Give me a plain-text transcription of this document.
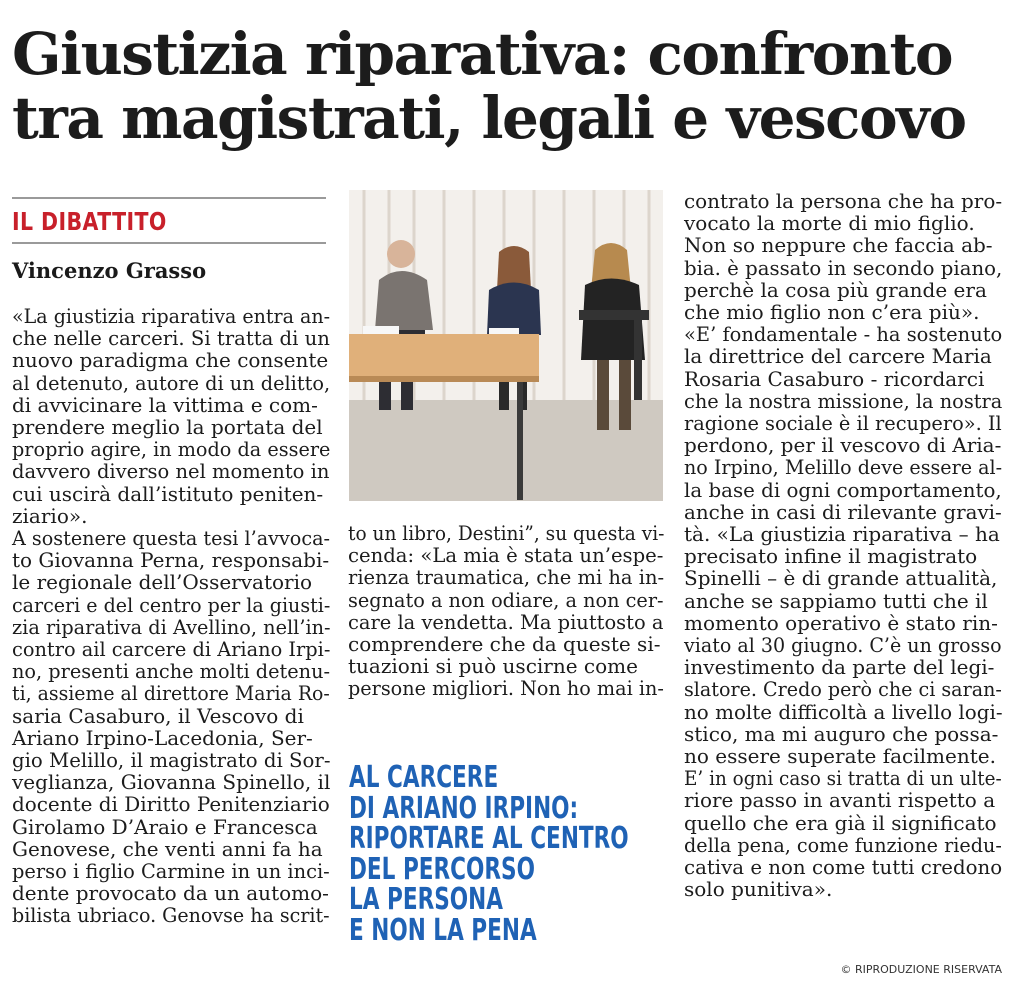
Giustizia riparativa: confronto
tra magistrati, legali e vescovo
IL DIBATTITO
Vincenzo Grasso
«La giustizia riparativa entra an-
che nelle carceri. Si tratta di un
nuovo paradigma che consente
al detenuto, autore di un delitto,
di avvicinare la vittima e com-
prendere meglio la portata del
proprio agire, in modo da essere
davvero diverso nel momento in
cui uscirà dall’istituto peniten-
ziario».
A sostenere questa tesi l’avvoca-
to Giovanna Perna, responsabi-
le regionale dell’Osservatorio
carceri e del centro per la giusti-
zia riparativa di Avellino, nell’in-
contro ail carcere di Ariano Irpi-
no, presenti anche molti detenu-
ti, assieme al direttore Maria Ro-
saria Casaburo, il Vescovo di
Ariano Irpino-Lacedonia, Ser-
gio Melillo, il magistrato di Sor-
veglianza, Giovanna Spinello, il
docente di Diritto Penitenziario
Girolamo D’Araio e Francesca
Genovese, che venti anni fa ha
perso i figlio Carmine in un inci-
dente provocato da un automo-
bilista ubriaco. Genovse ha scrit-
to un libro, Destini”, su questa vi-
cenda: «La mia è stata un’espe-
rienza traumatica, che mi ha in-
segnato a non odiare, a non cer-
care la vendetta. Ma piuttosto a
comprendere che da queste si-
tuazioni si può uscirne come
persone migliori. Non ho mai in-
AL CARCERE
DI ARIANO IRPINO:
RIPORTARE AL CENTRO
DEL PERCORSO
LA PERSONA
E NON LA PENA
contrato la persona che ha pro-
vocato la morte di mio figlio.
Non so neppure che faccia ab-
bia. è passato in secondo piano,
perchè la cosa più grande era
che mio figlio non c’era più».
«E’ fondamentale - ha sostenuto
la direttrice del carcere Maria
Rosaria Casaburo - ricordarci
che la nostra missione, la nostra
ragione sociale è il recupero». Il
perdono, per il vescovo di Aria-
no Irpino, Melillo deve essere al-
la base di ogni comportamento,
anche in casi di rilevante gravi-
tà. «La giustizia riparativa – ha
precisato infine il magistrato
Spinelli – è di grande attualità,
anche se sappiamo tutti che il
momento operativo è stato rin-
viato al 30 giugno. C’è un grosso
investimento da parte del legi-
slatore. Credo però che ci saran-
no molte difficoltà a livello logi-
stico, ma mi auguro che possa-
no essere superate facilmente.
E’ in ogni caso si tratta di un ulte-
riore passo in avanti rispetto a
quello che era già il significato
della pena, come funzione riedu-
cativa e non come tutti credono
solo punitiva».
© RIPRODUZIONE RISERVATA
